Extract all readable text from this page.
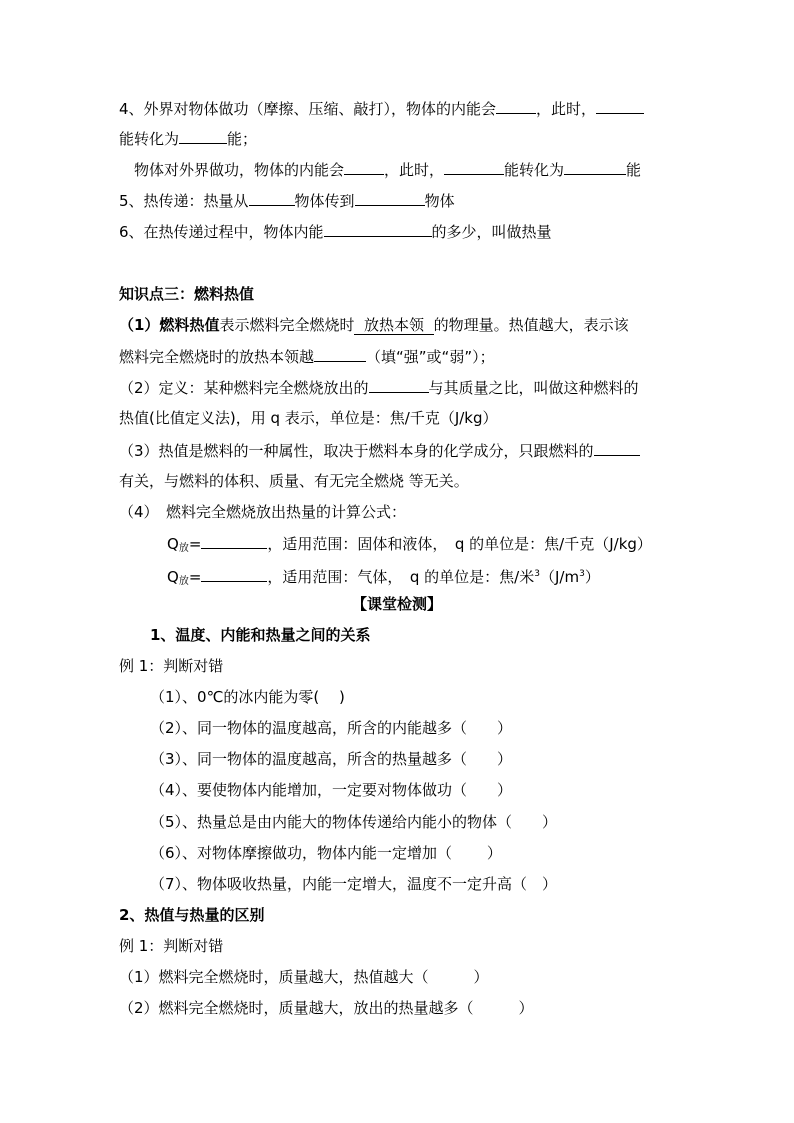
4、外界对物体做功（摩擦、压缩、敲打），物体的内能会	，此时，
能转化为	能；
物体对外界做功，物体的内能会	，此时，	能转化为	能
5、热传递：热量从	物体传到	物体
6、在热传递过程中，物体内能	的多少，叫做热量
知识点三：燃料热值
（1）燃料热值表示燃料完全燃烧时 放热本领 的物理量。热值越大，表示该
燃料完全燃烧时的放热本领越	（填“强”或“弱”）；
（2）定义：某种燃料完全燃烧放出的	与其质量之比，叫做这种燃料的
热值(比值定义法)，用 q 表示，单位是：焦/千克（J/kg）
（3）热值是燃料的一种属性，取决于燃料本身的化学成分，只跟燃料的
有关，与燃料的体积、质量、有无完全燃烧 等无关。
（4）　燃料完全燃烧放出热量的计算公式：
$Q_放=$	，适用范围：固体和液体，　q 的单位是：焦/千克（J/kg）
$Q_放=$	，适用范围：气体，　q 的单位是：焦/米$^3(J/m^3)$
【课堂检测】
1、温度、内能和热量之间的关系
例 1：判断对错
（1）、0℃的冰内能为零(　 )
（2）、同一物体的温度越高，所含的内能越多（　　）
（3）、同一物体的温度越高，所含的热量越多（　　）
（4）、要使物体内能增加，一定要对物体做功（　　）
（5）、热量总是由内能大的物体传递给内能小的物体（　　）
（6）、对物体摩擦做功，物体内能一定增加（　　 ）
（7）、物体吸收热量，内能一定增大，温度不一定升高（　）
2、热值与热量的区别
例 1：判断对错
（1）燃料完全燃烧时，质量越大，热值越大（　　　）
（2）燃料完全燃烧时，质量越大，放出的热量越多（　　　）
